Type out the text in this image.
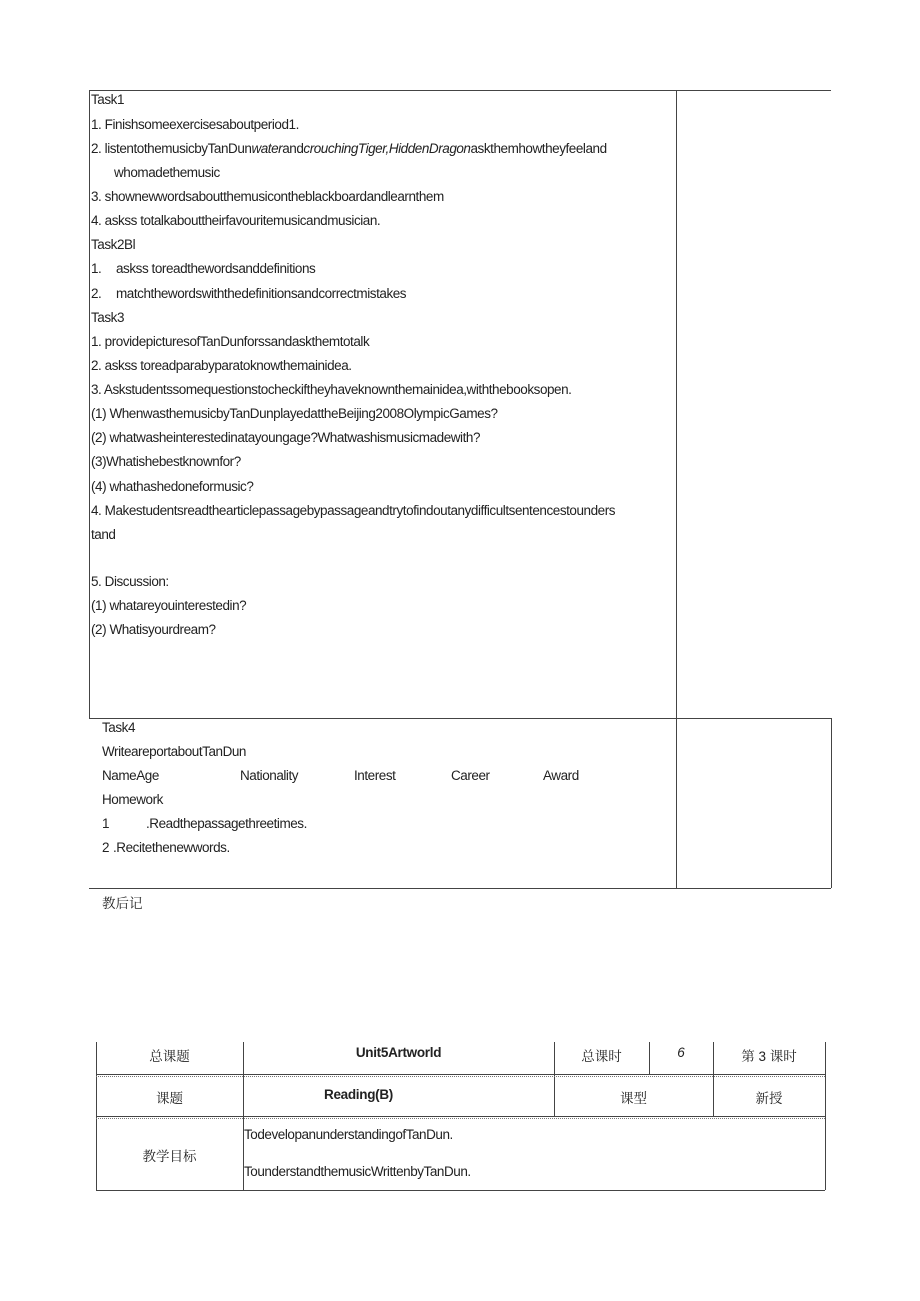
Task1
1. Finishsomeexercisesaboutperiod1.
2. listentothemusicbyTanDunwaterandcrouchingTiger,HiddenDragonaskthemhowtheyfeeland
whomadethemusic
3. shownewwordsaboutthemusicontheblackboardandlearnthem
4. askss totalkabouttheirfavouritemusicandmusician.
Task2Bl
1. askss toreadthewordsanddefinitions
2. matchthewordswiththedefinitionsandcorrectmistakes
Task3
1. providepicturesofTanDunforssandaskthemtotalk
2. askss toreadparabyparatoknowthemainidea.
3. Askstudentssomequestionstocheckiftheyhaveknownthemainidea,withthebooksopen.
(1) WhenwasthemusicbyTanDunplayedattheBeijing2008OlympicGames?
(2) whatwasheinterestedinatayoungage?Whatwashismusicmadewith?
(3)Whatishebestknownfor?
(4) whathashedoneformusic?
4. Makestudentsreadthearticlepassagebypassageandtrytofindoutanydifficultsentencestounders
tand
5. Discussion:
(1) whatareyouinterestedin?
(2) Whatisyourdream?
Task4
WriteareportaboutTanDun
NameAge	Nationality	Interest	Career	Award
Homework
1	.Readthepassagethreetimes.
2 .Recitethenewwords.
教后记
总课题	Unit5Artworld	总课时	6	第 3 课时
课题	Reading(B)	课型	新授
教学目标
TodevelopanunderstandingofTanDun.
TounderstandthemusicWrittenbyTanDun.
